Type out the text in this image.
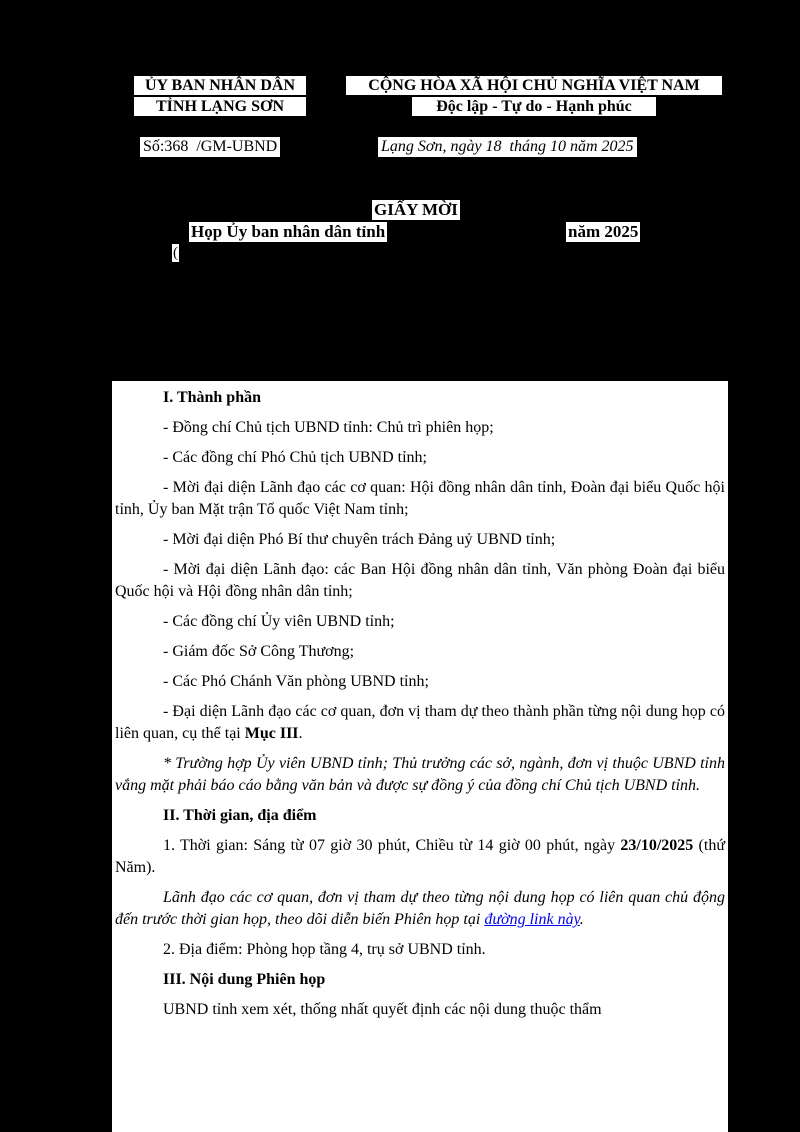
ỦY BAN NHÂN DÂN
TỈNH LẠNG SƠN
CỘNG HÒA XÃ HỘI CHỦ NGHĨA VIỆT NAM
Độc lập - Tự do - Hạnh phúc
Số:368 /GM-UBND	Lạng Sơn, ngày 18 tháng 10 năm 2025
GIẤY MỜI
Họp Ủy ban nhân dân tỉnh	năm 2025
(

I. Thành phần

- Đồng chí Chủ tịch UBND tỉnh: Chủ trì phiên họp;

- Các đồng chí Phó Chủ tịch UBND tỉnh;

- Mời đại diện Lãnh đạo các cơ quan: Hội đồng nhân dân tỉnh, Đoàn đại biểu Quốc hội tỉnh, Ủy ban Mặt trận Tổ quốc Việt Nam tỉnh;

- Mời đại diện Phó Bí thư chuyên trách Đảng uỷ UBND tỉnh;

- Mời đại diện Lãnh đạo: các Ban Hội đồng nhân dân tỉnh, Văn phòng Đoàn đại biểu Quốc hội và Hội đồng nhân dân tỉnh;

- Các đồng chí Ủy viên UBND tỉnh;

- Giám đốc Sở Công Thương;

- Các Phó Chánh Văn phòng UBND tỉnh;

- Đại diện Lãnh đạo các cơ quan, đơn vị tham dự theo thành phần từng nội dung họp có liên quan, cụ thể tại Mục III.

* Trường hợp Ủy viên UBND tỉnh; Thủ trưởng các sở, ngành, đơn vị thuộc UBND tỉnh vắng mặt phải báo cáo bằng văn bản và được sự đồng ý của đồng chí Chủ tịch UBND tỉnh.

II. Thời gian, địa điểm

1. Thời gian: Sáng từ 07 giờ 30 phút, Chiều từ 14 giờ 00 phút, ngày 23/10/2025 (thứ Năm).

Lãnh đạo các cơ quan, đơn vị tham dự theo từng nội dung họp có liên quan chủ động đến trước thời gian họp, theo dõi diễn biến Phiên họp tại đường link này.

2. Địa điểm: Phòng họp tầng 4, trụ sở UBND tỉnh.

III. Nội dung Phiên họp

UBND tỉnh xem xét, thống nhất quyết định các nội dung thuộc thẩm
